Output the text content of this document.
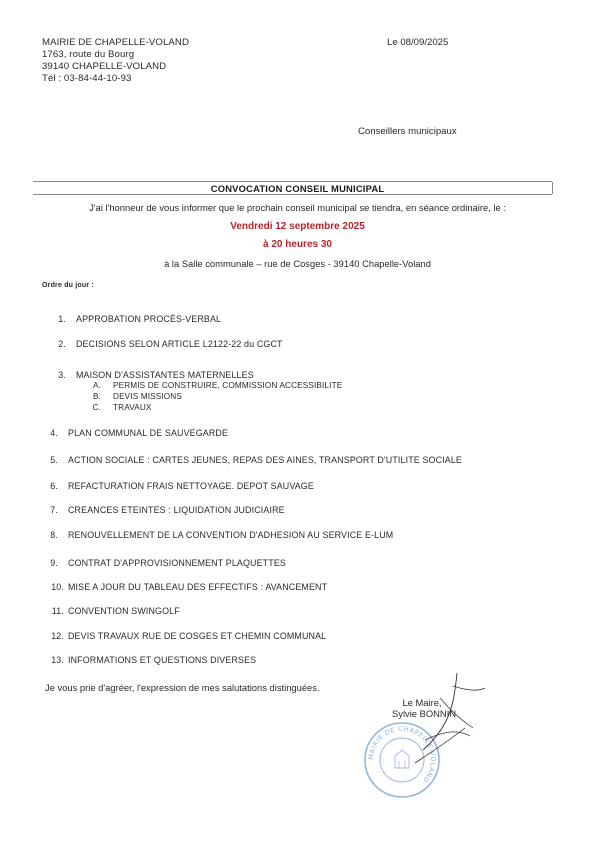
MAIRIE DE CHAPELLE-VOLAND
1763, route du Bourg
39140 CHAPELLE-VOLAND
Tél : 03-84-44-10-93
Le 08/09/2025
Conseillers municipaux
CONVOCATION CONSEIL MUNICIPAL
J'ai l'honneur de vous informer que le prochain conseil municipal se tiendra, en séance ordinaire, le :
Vendredi 12 septembre 2025
à 20 heures 30
à la Salle communale – rue de Cosges - 39140 Chapelle-Voland
Ordre du jour :
1. APPROBATION PROCÈS-VERBAL
2. DECISIONS SELON ARTICLE L2122-22 du CGCT
3. MAISON D'ASSISTANTES MATERNELLES
A. PERMIS DE CONSTRUIRE, COMMISSION ACCESSIBILITE
B. DEVIS MISSIONS
C. TRAVAUX
4. PLAN COMMUNAL DE SAUVEGARDE
5. ACTION SOCIALE : CARTES JEUNES, REPAS DES AINES, TRANSPORT D'UTILITE SOCIALE
6. REFACTURATION FRAIS NETTOYAGE. DEPOT SAUVAGE
7. CREANCES ETEINTES : LIQUIDATION JUDICIAIRE
8. RENOUVELLEMENT DE LA CONVENTION D'ADHESION AU SERVICE E-LUM
9. CONTRAT D'APPROVISIONNEMENT PLAQUETTES
10. MISE A JOUR DU TABLEAU DES EFFECTIFS : AVANCEMENT
11. CONVENTION SWINGOLF
12. DEVIS TRAVAUX RUE DE COSGES ET CHEMIN COMMUNAL
13. INFORMATIONS ET QUESTIONS DIVERSES
Je vous prie d'agréer, l'expression de mes salutations distinguées.
MAIRIE DE CHAPELLE-VOLAND
Le Maire,
Sylvie BONNIN
